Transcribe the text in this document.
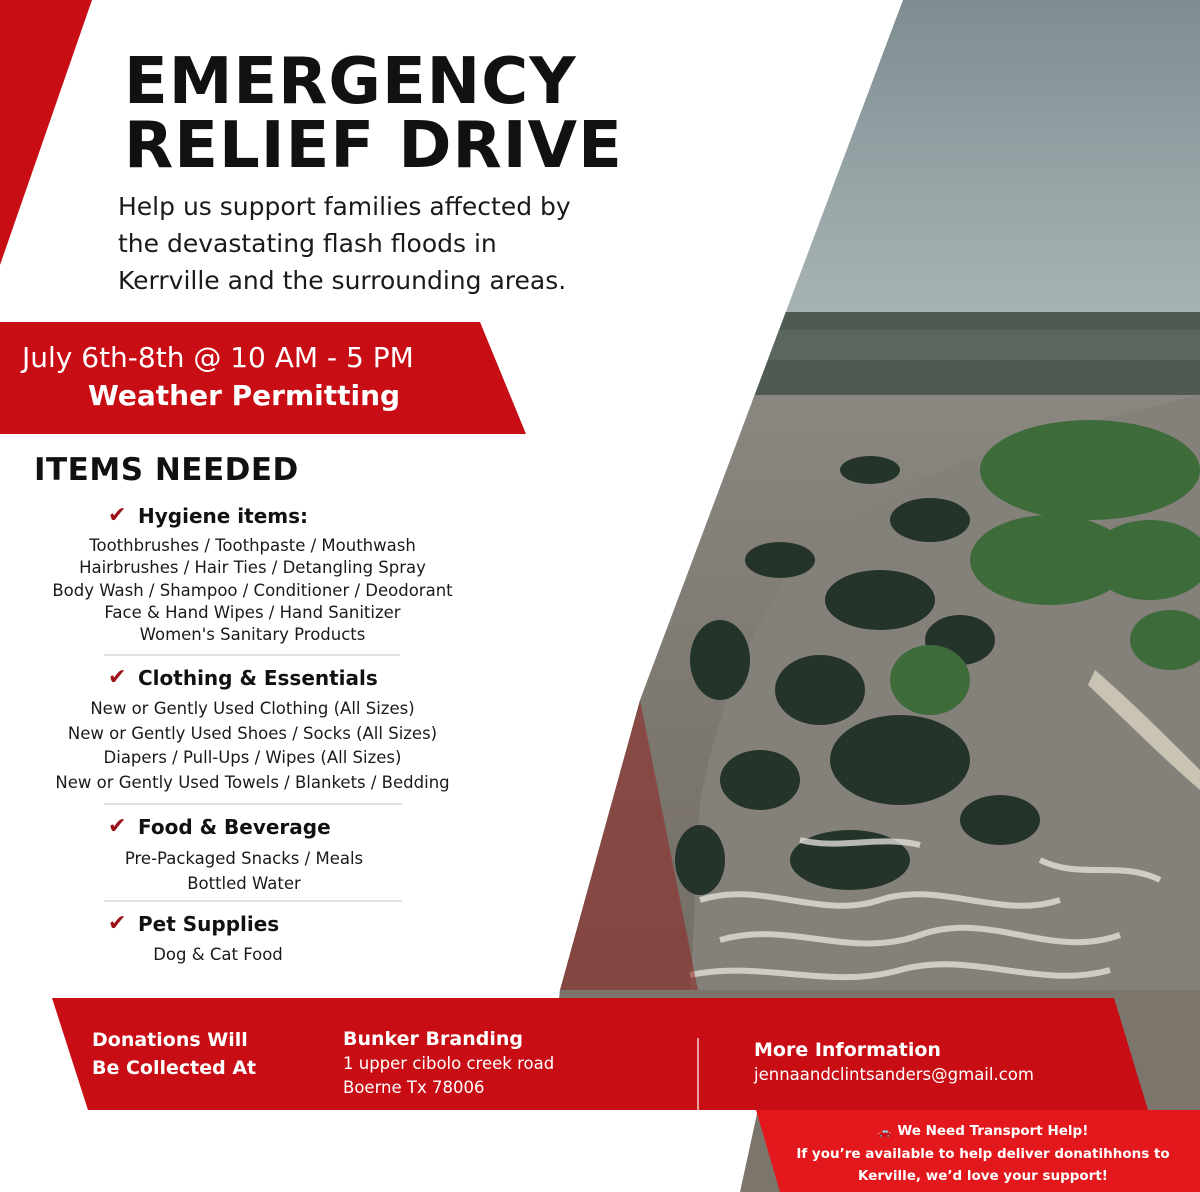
EMERGENCY
RELIEF DRIVE
Help us support families affected by
the devastating flash floods in
Kerrville and the surrounding areas.
July 6th-8th @ 10 AM - 5 PM
Weather Permitting
ITEMS NEEDED
✔ Hygiene items:
Toothbrushes / Toothpaste / Mouthwash
Hairbrushes / Hair Ties / Detangling Spray
Body Wash / Shampoo / Conditioner / Deodorant
Face & Hand Wipes / Hand Sanitizer
Women's Sanitary Products
✔ Clothing & Essentials
New or Gently Used Clothing (All Sizes)
New or Gently Used Shoes / Socks (All Sizes)
Diapers / Pull-Ups / Wipes (All Sizes)
New or Gently Used Towels / Blankets / Bedding
✔ Food & Beverage
Pre-Packaged Snacks / Meals
Bottled Water
✔ Pet Supplies
Dog & Cat Food
Donations Will
Be Collected At
Bunker Branding
1 upper cibolo creek road
Boerne Tx 78006
More Information
jennaandclintsanders@gmail.com
🚗 We Need Transport Help!
If you’re available to help deliver donatihhons to
Kerville, we’d love your support!
